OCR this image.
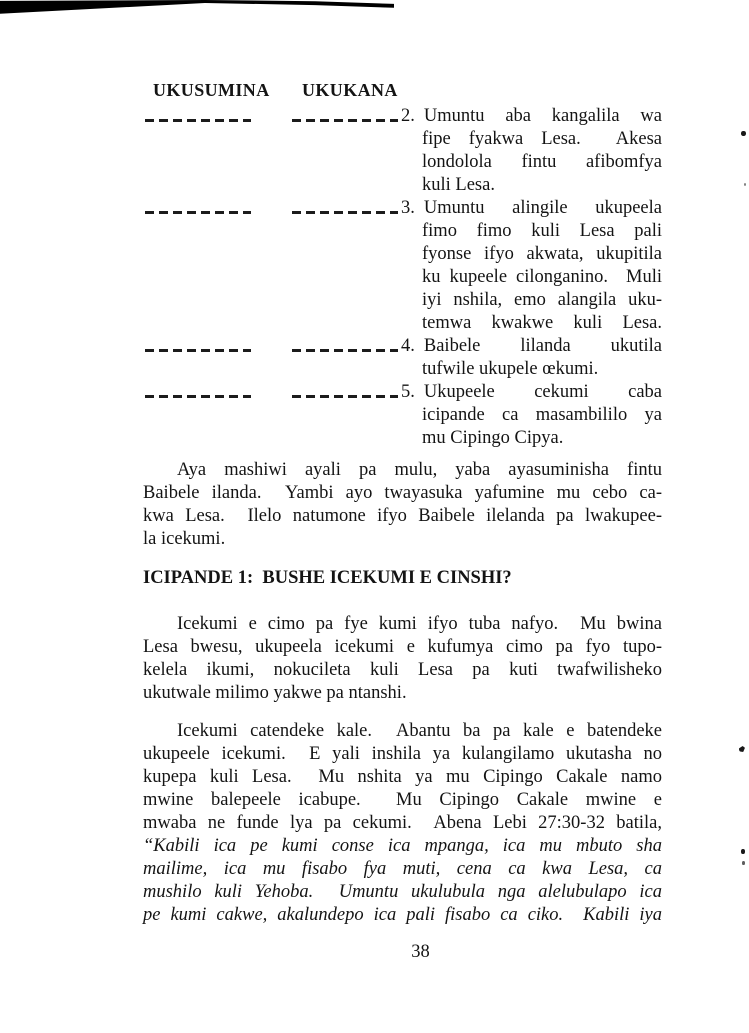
UKUSUMINA UKUKANA
2. Umuntu aba kangalila wa
fipe fyakwa Lesa.  Akesa
londolola fintu afibomfya
kuli Lesa.
3. Umuntu alingile ukupeela
fimo fimo kuli Lesa pali
fyonse ifyo akwata, ukupitila
ku kupeele cilonganino.  Muli
iyi nshila, emo alangila uku-
temwa kwakwe kuli Lesa.
4. Baibele lilanda ukutila
tufwile ukupele œkumi.
5. Ukupeele cekumi caba
icipande ca masambililo ya
mu Cipingo Cipya.
Aya mashiwi ayali pa mulu, yaba ayasuminisha fintu
Baibele ilanda.  Yambi ayo twayasuka yafumine mu cebo ca-
kwa Lesa.  Ilelo natumone ifyo Baibele ilelanda pa lwakupee-
la icekumi.
ICIPANDE 1:  BUSHE ICEKUMI E CINSHI?
Icekumi e cimo pa fye kumi ifyo tuba nafyo.  Mu bwina
Lesa bwesu, ukupeela icekumi e kufumya cimo pa fyo tupo-
kelela ikumi, nokucileta kuli Lesa pa kuti twafwilisheko
ukutwale milimo yakwe pa ntanshi.
Icekumi catendeke kale.  Abantu ba pa kale e batendeke
ukupeele icekumi.  E yali inshila ya kulangilamo ukutasha no
kupepa kuli Lesa.  Mu nshita ya mu Cipingo Cakale namo
mwine balepeele icabupe.  Mu Cipingo Cakale mwine e
mwaba ne funde lya pa cekumi.  Abena Lebi 27:30-32 batila,
“Kabili ica pe kumi conse ica mpanga, ica mu mbuto sha
mailime, ica mu fisabo fya muti, cena ca kwa Lesa, ca
mushilo kuli Yehoba.  Umuntu ukulubula nga alelubulapo ica
pe kumi cakwe, akalundepo ica pali fisabo ca ciko.  Kabili iya
38
